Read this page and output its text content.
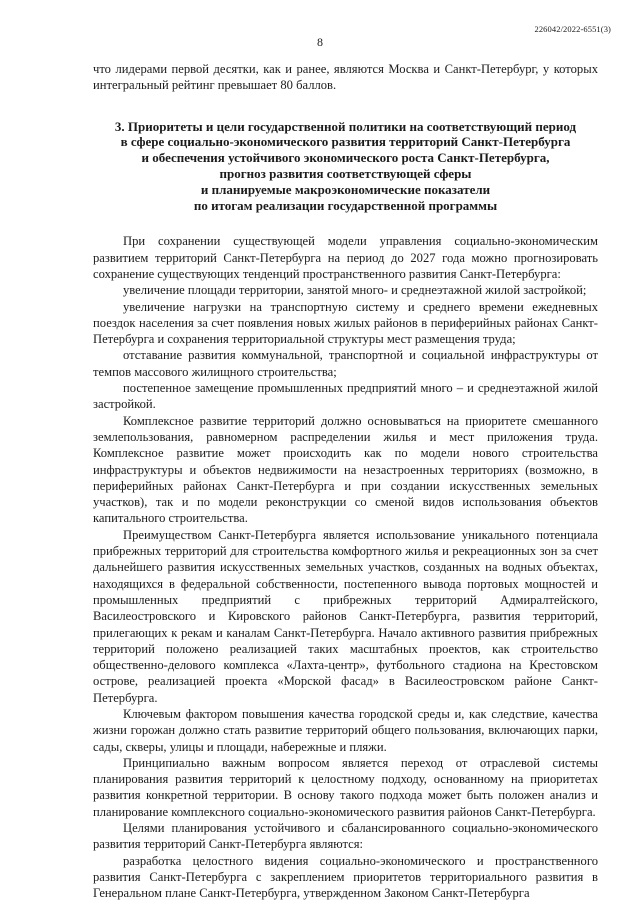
226042/2022-6551(3)
8

что лидерами первой десятки, как и ранее, являются Москва и Санкт-Петербург, у которых интегральный рейтинг превышает 80 баллов.

3. Приоритеты и цели государственной политики на соответствующий период
в сфере социально-экономического развития территорий Санкт-Петербурга
и обеспечения устойчивого экономического роста Санкт-Петербурга,
прогноз развития соответствующей сферы
и планируемые макроэкономические показатели
по итогам реализации государственной программы

При сохранении существующей модели управления социально-экономическим развитием территорий Санкт-Петербурга на период до 2027 года можно прогнозировать сохранение существующих тенденций пространственного развития Санкт-Петербурга:

увеличение площади территории, занятой много- и среднеэтажной жилой застройкой;

увеличение нагрузки на транспортную систему и среднего времени ежедневных поездок населения за счет появления новых жилых районов в периферийных районах Санкт-Петербурга и сохранения территориальной структуры мест размещения труда;

отставание развития коммунальной, транспортной и социальной инфраструктуры от темпов массового жилищного строительства;

постепенное замещение промышленных предприятий много – и среднеэтажной жилой застройкой.

Комплексное развитие территорий должно основываться на приоритете смешанного землепользования, равномерном распределении жилья и мест приложения труда. Комплексное развитие может происходить как по модели нового строительства инфраструктуры и объектов недвижимости на незастроенных территориях (возможно, в периферийных районах Санкт-Петербурга и при создании искусственных земельных участков), так и по модели реконструкции со сменой видов использования объектов капитального строительства.

Преимуществом Санкт-Петербурга является использование уникального потенциала прибрежных территорий для строительства комфортного жилья и рекреационных зон за счет дальнейшего развития искусственных земельных участков, созданных на водных объектах, находящихся в федеральной собственности, постепенного вывода портовых мощностей и промышленных предприятий с прибрежных территорий Адмиралтейского, Василеостровского и Кировского районов Санкт-Петербурга, развития территорий, прилегающих к рекам и каналам Санкт-Петербурга. Начало активного развития прибрежных территорий положено реализацией таких масштабных проектов, как строительство общественно-делового комплекса «Лахта-центр», футбольного стадиона на Крестовском острове, реализацией проекта «Морской фасад» в Василеостровском районе Санкт-Петербурга.

Ключевым фактором повышения качества городской среды и, как следствие, качества жизни горожан должно стать развитие территорий общего пользования, включающих парки, сады, скверы, улицы и площади, набережные и пляжи.

Принципиально важным вопросом является переход от отраслевой системы планирования развития территорий к целостному подходу, основанному на приоритетах развития конкретной территории. В основу такого подхода может быть положен анализ и планирование комплексного социально-экономического развития районов Санкт-Петербурга.

Целями планирования устойчивого и сбалансированного социально-экономического развития территорий Санкт-Петербурга являются:

разработка целостного видения социально-экономического и пространственного развития Санкт-Петербурга с закреплением приоритетов территориального развития в Генеральном плане Санкт-Петербурга, утвержденном Законом Санкт-Петербурга
